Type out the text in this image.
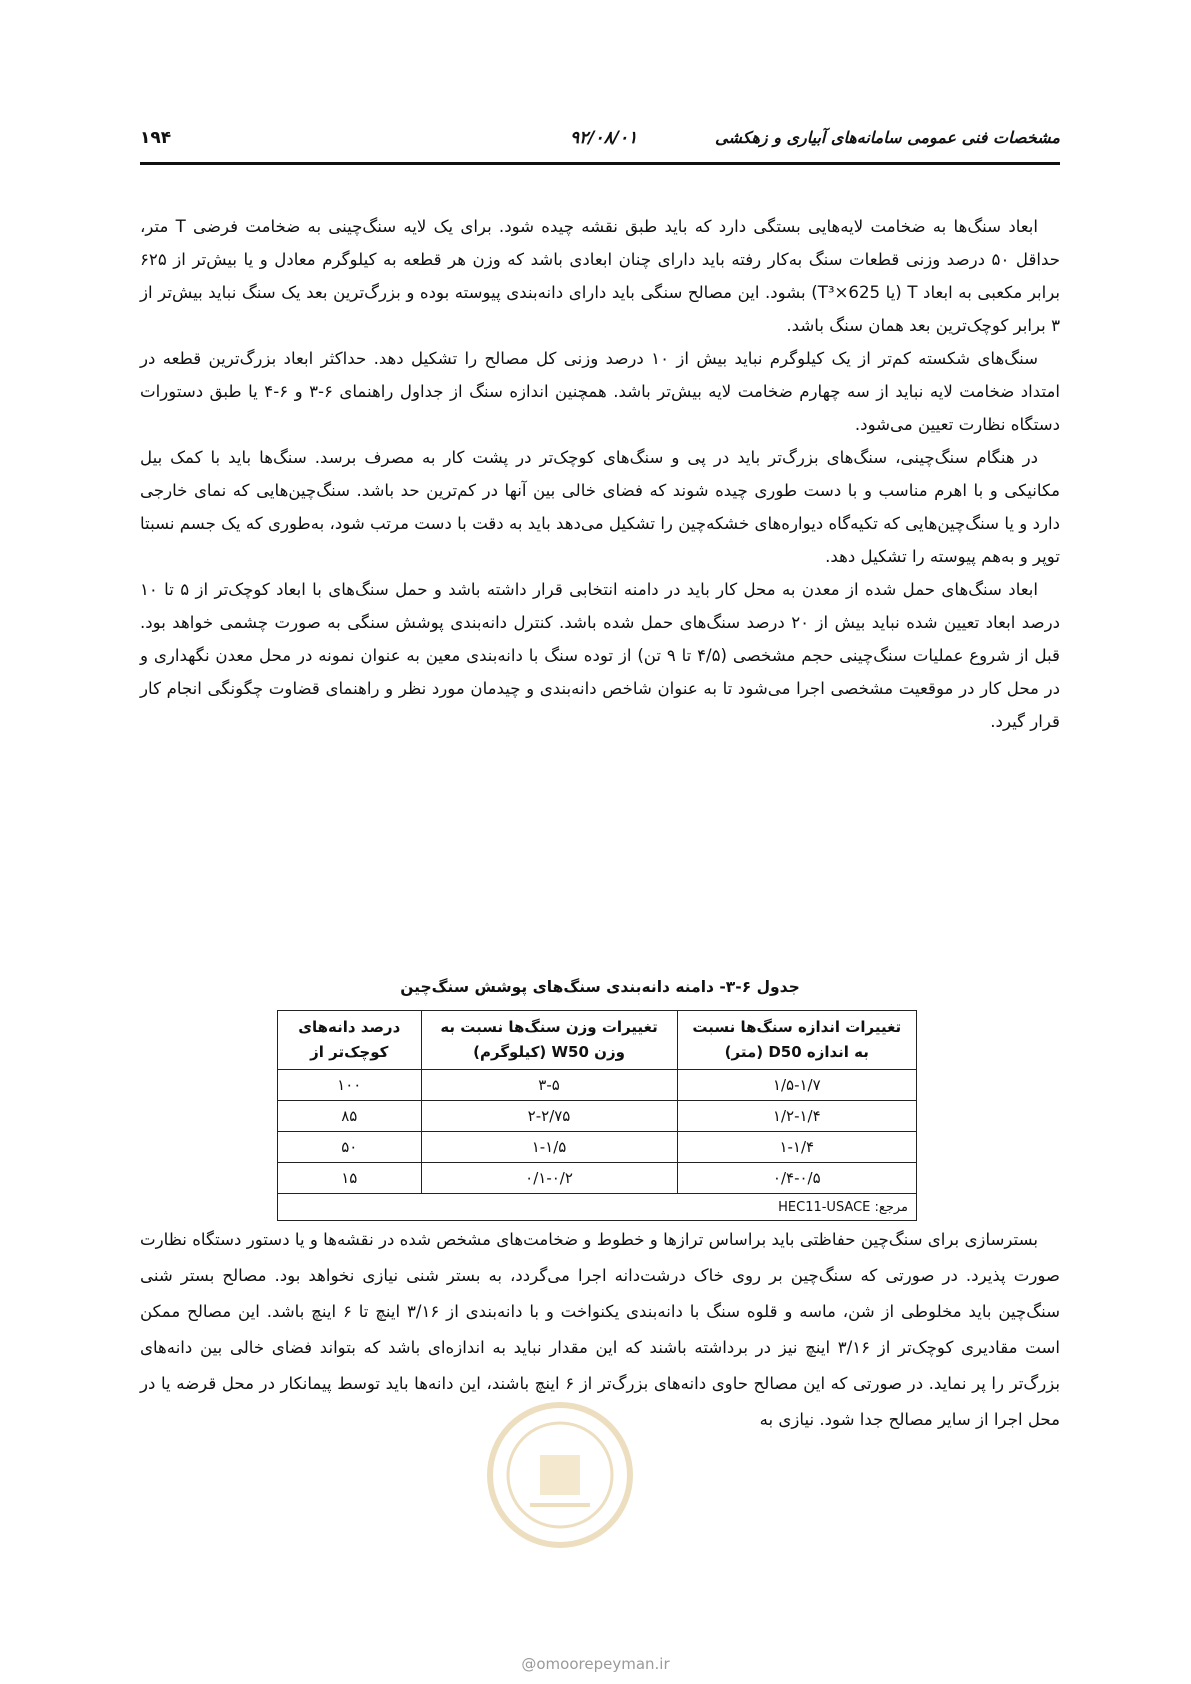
۱۹۴	۹۲/۰۸/۰۱	مشخصات فنی عمومی سامانه‌های آبیاری و زهکشی

ابعاد سنگ‌ها به ضخامت لایه‌هایی بستگی دارد که باید طبق نقشه چیده شود. برای یک لایه سنگ‌چینی به ضخامت فرضی T متر، حداقل ۵۰ درصد وزنی قطعات سنگ به‌کار رفته باید دارای چنان ابعادی باشد که وزن هر قطعه به کیلوگرم معادل و یا بیش‌تر از ۶۲۵ برابر مکعبی به ابعاد T (یا 625×T³) بشود. این مصالح سنگی باید دارای دانه‌بندی پیوسته بوده و بزرگ‌ترین بعد یک سنگ نباید بیش‌تر از ۳ برابر کوچک‌ترین بعد همان سنگ باشد.

سنگ‌های شکسته کم‌تر از یک کیلوگرم نباید بیش از ۱۰ درصد وزنی کل مصالح را تشکیل دهد. حداکثر ابعاد بزرگ‌ترین قطعه در امتداد ضخامت لایه نباید از سه چهارم ضخامت لایه بیش‌تر باشد. همچنین اندازه سنگ از جداول راهنمای ۶-۳ و ۶-۴ یا طبق دستورات دستگاه نظارت تعیین می‌شود.

در هنگام سنگ‌چینی، سنگ‌های بزرگ‌تر باید در پی و سنگ‌های کوچک‌تر در پشت کار به مصرف برسد. سنگ‌ها باید با کمک بیل مکانیکی و با اهرم مناسب و با دست طوری چیده شوند که فضای خالی بین آنها در کم‌ترین حد باشد. سنگ‌چین‌هایی که نمای خارجی دارد و یا سنگ‌چین‌هایی که تکیه‌گاه دیواره‌های خشکه‌چین را تشکیل می‌دهد باید به دقت با دست مرتب شود، به‌طوری که یک جسم نسبتا توپر و به‌هم پیوسته را تشکیل دهد.

ابعاد سنگ‌های حمل شده از معدن به محل کار باید در دامنه انتخابی قرار داشته باشد و حمل سنگ‌های با ابعاد کوچک‌تر از ۵ تا ۱۰ درصد ابعاد تعیین شده نباید بیش از ۲۰ درصد سنگ‌های حمل شده باشد. کنترل دانه‌بندی پوشش سنگی به صورت چشمی خواهد بود. قبل از شروع عملیات سنگ‌چینی حجم مشخصی (۴/۵ تا ۹ تن) از توده سنگ با دانه‌بندی معین به عنوان نمونه در محل معدن نگهداری و در محل کار در موقعیت مشخصی اجرا می‌شود تا به عنوان شاخص دانه‌بندی و چیدمان مورد نظر و راهنمای قضاوت چگونگی انجام کار قرار گیرد.

جدول ۶-۳- دامنه دانه‌بندی سنگ‌های پوشش سنگ‌چین
تغییرات اندازه سنگ‌ها نسبت به اندازه D50 (متر)	تغییرات وزن سنگ‌ها نسبت به وزن W50 (کیلوگرم)	درصد دانه‌های کوچک‌تر از
۱/۵-۱/۷	۳-۵	۱۰۰
۱/۲-۱/۴	۲-۲/۷۵	۸۵
۱-۱/۴	۱-۱/۵	۵۰
۰/۴-۰/۵	۰/۱-۰/۲	۱۵
مرجع: HEC11-USACE		

بسترسازی برای سنگ‌چین حفاظتی باید براساس ترازها و خطوط و ضخامت‌های مشخص شده در نقشه‌ها و یا دستور دستگاه نظارت صورت پذیرد. در صورتی که سنگ‌چین بر روی خاک درشت‌دانه اجرا می‌گردد، به بستر شنی نیازی نخواهد بود. مصالح بستر شنی سنگ‌چین باید مخلوطی از شن، ماسه و قلوه سنگ با دانه‌بندی یکنواخت و با دانه‌بندی از ۳/۱۶ اینچ تا ۶ اینچ باشد. این مصالح ممکن است مقادیری کوچک‌تر از ۳/۱۶ اینچ نیز در برداشته باشند که این مقدار نباید به اندازه‌ای باشد که بتواند فضای خالی بین دانه‌های بزرگ‌تر را پر نماید. در صورتی که این مصالح حاوی دانه‌های بزرگ‌تر از ۶ اینچ باشند، این دانه‌ها باید توسط پیمانکار در محل قرضه یا در محل اجرا از سایر مصالح جدا شود. نیازی به

@omoorepeyman.ir
